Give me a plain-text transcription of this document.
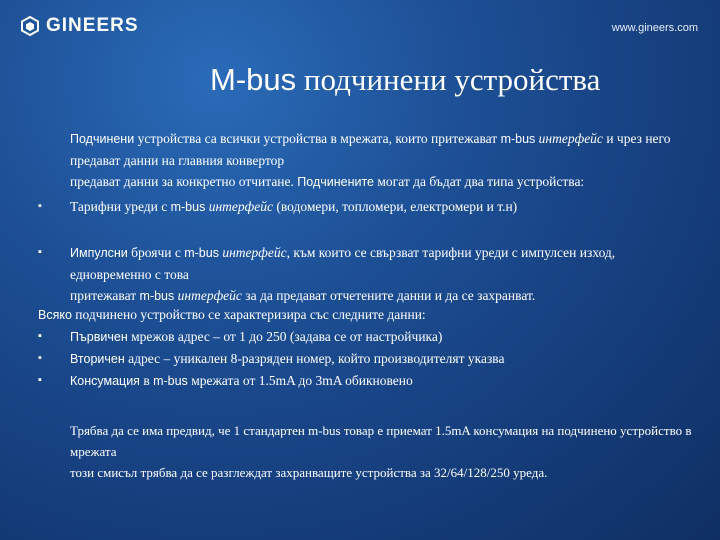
GINEERS	www.gineers.com
M-bus подчинени устройства

Подчинени устройства са всички устройства в мрежата, които притежават m-bus интерфейс и чрез него предават данни на главния конвертор

предават данни за конкретно отчитане. Подчинените могат да бъдат два типа устройства:

▪ Тарифни уреди с m-bus интерфейс (водомери, топломери, електромери и т.н)

▪ Импулсни броячи с m-bus интерфейс, към които се свързват тарифни уреди с импулсен изход, едновременно с това

притежават m-bus интерфейс за да предават отчетените данни и да се захранват.

Всяко подчинено устройство се характеризира със следните данни:

▪ Първичен мрежов адрес – от 1 до 250 (задава се от настройчика)

▪ Вторичен адрес – уникален 8-разряден номер, който производителят указва

▪ Консумация в m-bus мрежата от 1.5mA до 3mA обикновено

Трябва да се има предвид, че 1 стандартен m-bus товар е приемат 1.5mA консумация на подчинено устройство в мрежата

този смисъл трябва да се разглеждат захранващите устройства за 32/64/128/250 уреда.
